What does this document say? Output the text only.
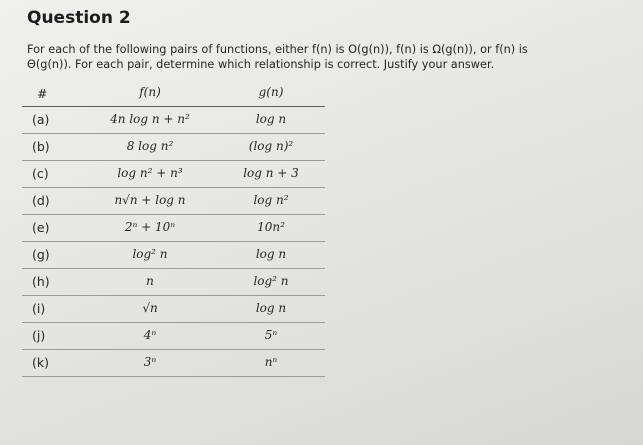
Question 2
For each of the following pairs of functions, either f(n) is O(g(n)), f(n) is Ω(g(n)), or f(n) is
Θ(g(n)). For each pair, determine which relationship is correct. Justify your answer.
#	f(n)	g(n)
(a)	4n log n + n²	log n
(b)	8 log n²	(log n)²
(c)	log n² + n³	log n + 3
(d)	n√n + log n	log n²
(e)	2ⁿ + 10ⁿ	10n²
(g)	log² n	log n
(h)	n	log² n
(i)	√n	log n
(j)	4ⁿ	5ⁿ
(k)	3ⁿ	nⁿ
